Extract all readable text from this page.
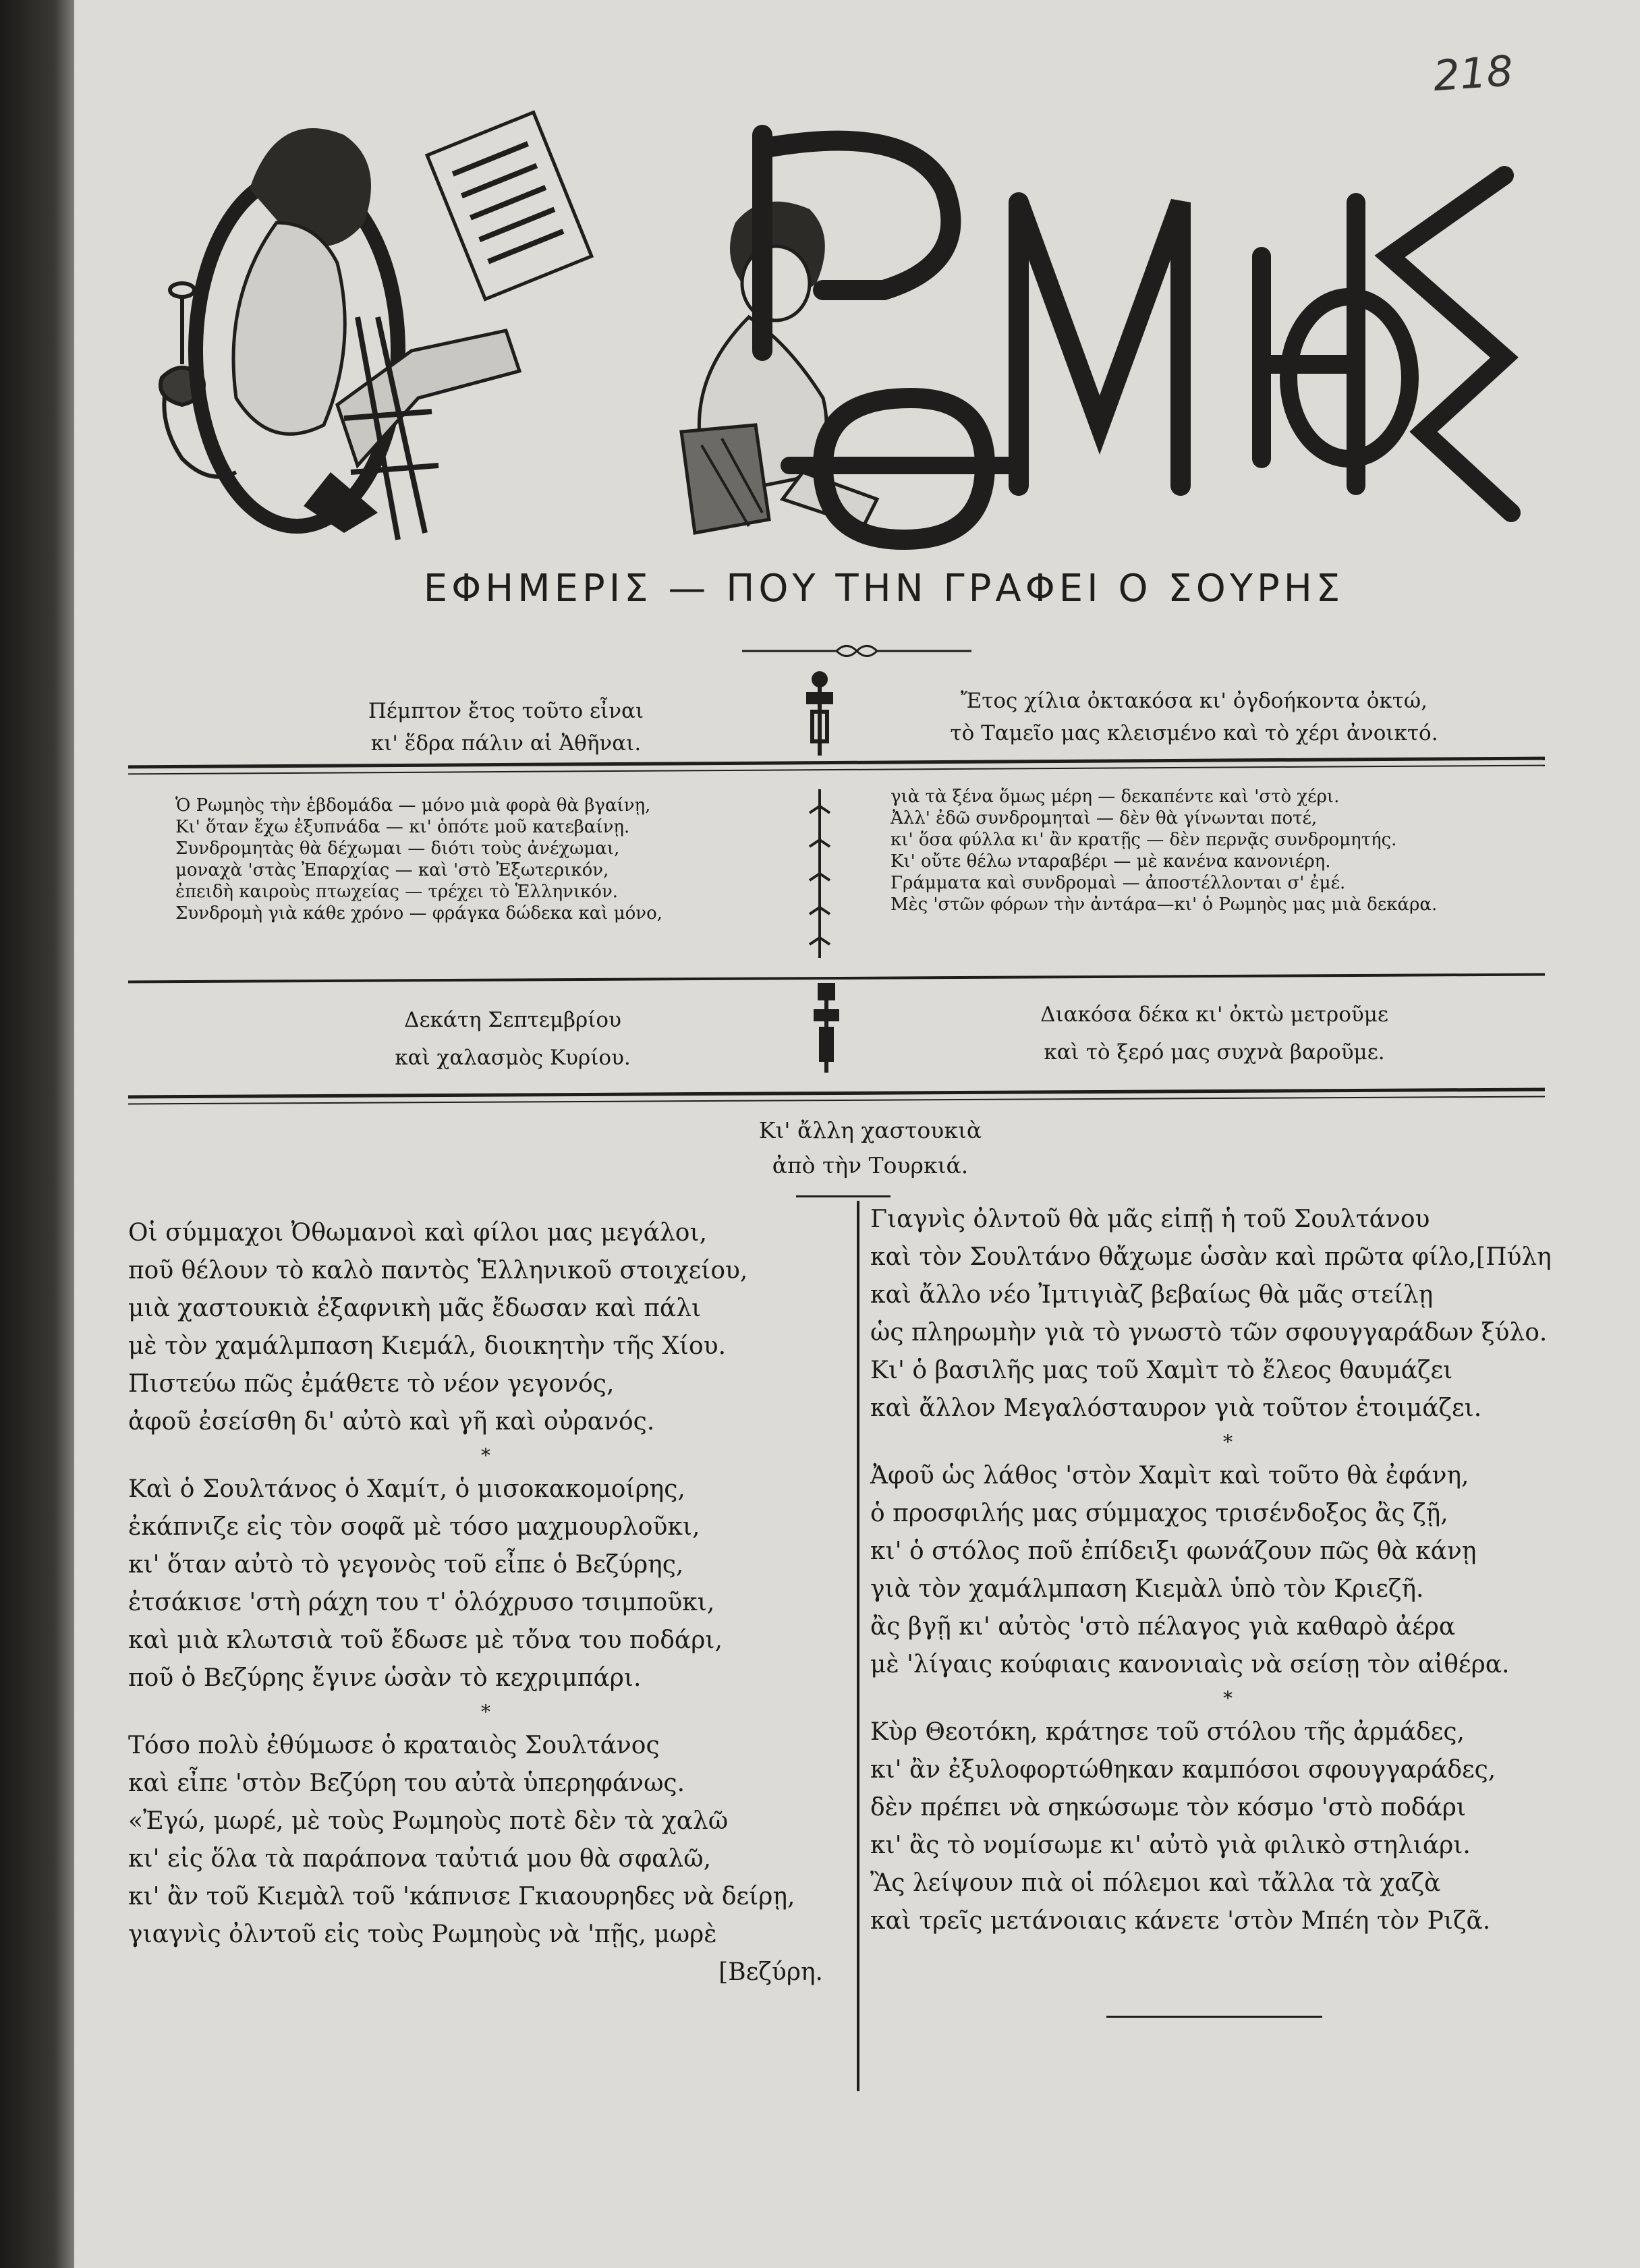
218
ΕΦΗΜΕΡΙΣ — ΠΟΥ ΤΗΝ ΓΡΑΦΕΙ Ο ΣΟΥΡΗΣ
Πέμπτον ἔτος τοῦτο εἶναι
κι' ἕδρα πάλιν αἱ Ἀθῆναι.
Ἔτος χίλια ὀκτακόσα κι' ὀγδοήκοντα ὀκτώ,
τὸ Ταμεῖο μας κλεισμένο καὶ τὸ χέρι ἀνοικτό.
Ὁ Ρωμηὸς τὴν ἑβδομάδα — μόνο μιὰ φορὰ θὰ βγαίνῃ,
Κι' ὅταν ἔχω ἐξυπνάδα — κι' ὁπότε μοῦ κατεβαίνῃ.
Συνδρομητὰς θὰ δέχωμαι — διότι τοὺς ἀνέχωμαι,
μοναχὰ 'στὰς Ἐπαρχίας — καὶ 'στὸ Ἐξωτερικόν,
ἐπειδὴ καιροὺς πτωχείας — τρέχει τὸ Ἑλληνικόν.
Συνδρομὴ γιὰ κάθε χρόνο — φράγκα δώδεκα καὶ μόνο,
γιὰ τὰ ξένα ὅμως μέρη — δεκαπέντε καὶ 'στὸ χέρι.
Ἀλλ' ἐδῶ συνδρομηταὶ — δὲν θὰ γίνωνται ποτέ,
κι' ὅσα φύλλα κι' ἂν κρατῇς — δὲν περνᾷς συνδρομητής.
Κι' οὔτε θέλω νταραβέρι — μὲ κανένα κανονιέρη.
Γράμματα καὶ συνδρομαὶ — ἀποστέλλονται σ' ἐμέ.
Μὲς 'στῶν φόρων τὴν ἀντάρα—κι' ὁ Ρωμηὸς μας μιὰ δεκάρα.
Δεκάτη Σεπτεμβρίου
καὶ χαλασμὸς Κυρίου.
Διακόσα δέκα κι' ὀκτὼ μετροῦμε
καὶ τὸ ξερό μας συχνὰ βαροῦμε.
Κι' ἄλλη χαστουκιὰ
ἀπὸ τὴν Τουρκιά.
Οἱ σύμμαχοι Ὀθωμανοὶ καὶ φίλοι μας μεγάλοι,
ποῦ θέλουν τὸ καλὸ παντὸς Ἑλληνικοῦ στοιχείου,
μιὰ χαστουκιὰ ἐξαφνικὴ μᾶς ἔδωσαν καὶ πάλι
μὲ τὸν χαμάλμπαση Κιεμάλ, διοικητὴν τῆς Χίου.
Πιστεύω πῶς ἐμάθετε τὸ νέον γεγονός,
ἀφοῦ ἐσείσθη δι' αὐτὸ καὶ γῆ καὶ οὐρανός.
*
Καὶ ὁ Σουλτάνος ὁ Χαμίτ, ὁ μισοκακομοίρης,
ἐκάπνιζε εἰς τὸν σοφᾶ μὲ τόσο μαχμουρλοῦκι,
κι' ὅταν αὐτὸ τὸ γεγονὸς τοῦ εἶπε ὁ Βεζύρης,
ἐτσάκισε 'στὴ ράχη του τ' ὁλόχρυσο τσιμποῦκι,
καὶ μιὰ κλωτσιὰ τοῦ ἔδωσε μὲ τὄνα του ποδάρι,
ποῦ ὁ Βεζύρης ἔγινε ὡσὰν τὸ κεχριμπάρι.
*
Τόσο πολὺ ἐθύμωσε ὁ κραταιὸς Σουλτάνος
καὶ εἶπε 'στὸν Βεζύρη του αὐτὰ ὑπερηφάνως.
«Ἐγώ, μωρέ, μὲ τοὺς Ρωμηοὺς ποτὲ δὲν τὰ χαλῶ
κι' εἰς ὅλα τὰ παράπονα ταὐτιά μου θὰ σφαλῶ,
κι' ἂν τοῦ Κιεμὰλ τοῦ 'κάπνισε Γκιαουρηδες νὰ δείρῃ,
γιαγνὶς ὀλντοῦ εἰς τοὺς Ρωμηοὺς νὰ 'πῇς, μωρὲ
[Βεζύρη.
Γιαγνὶς ὀλντοῦ θὰ μᾶς εἰπῇ ἡ τοῦ Σουλτάνου
καὶ τὸν Σουλτάνο θἄχωμε ὡσὰν καὶ πρῶτα φίλο,[Πύλη
καὶ ἄλλο νέο Ἰμτιγιὰζ βεβαίως θὰ μᾶς στείλῃ
ὡς πληρωμὴν γιὰ τὸ γνωστὸ τῶν σφουγγαράδων ξύλο.
Κι' ὁ βασιλῆς μας τοῦ Χαμὶτ τὸ ἔλεος θαυμάζει
καὶ ἄλλον Μεγαλόσταυρον γιὰ τοῦτον ἑτοιμάζει.
*
Ἀφοῦ ὡς λάθος 'στὸν Χαμὶτ καὶ τοῦτο θὰ ἐφάνη,
ὁ προσφιλής μας σύμμαχος τρισένδοξος ἂς ζῇ,
κι' ὁ στόλος ποῦ ἐπίδειξι φωνάζουν πῶς θὰ κάνῃ
γιὰ τὸν χαμάλμπαση Κιεμὰλ ὑπὸ τὸν Κριεζῆ.
ἂς βγῇ κι' αὐτὸς 'στὸ πέλαγος γιὰ καθαρὸ ἀέρα
μὲ 'λίγαις κούφιαις κανονιαὶς νὰ σείσῃ τὸν αἰθέρα.
*
Κὺρ Θεοτόκη, κράτησε τοῦ στόλου τῆς ἀρμάδες,
κι' ἂν ἐξυλοφορτώθηκαν καμπόσοι σφουγγαράδες,
δὲν πρέπει νὰ σηκώσωμε τὸν κόσμο 'στὸ ποδάρι
κι' ἂς τὸ νομίσωμε κι' αὐτὸ γιὰ φιλικὸ στηλιάρι.
Ἂς λείψουν πιὰ οἱ πόλεμοι καὶ τἄλλα τὰ χαζὰ
καὶ τρεῖς μετάνοιαις κάνετε 'στὸν Μπέη τὸν Ριζᾶ.
